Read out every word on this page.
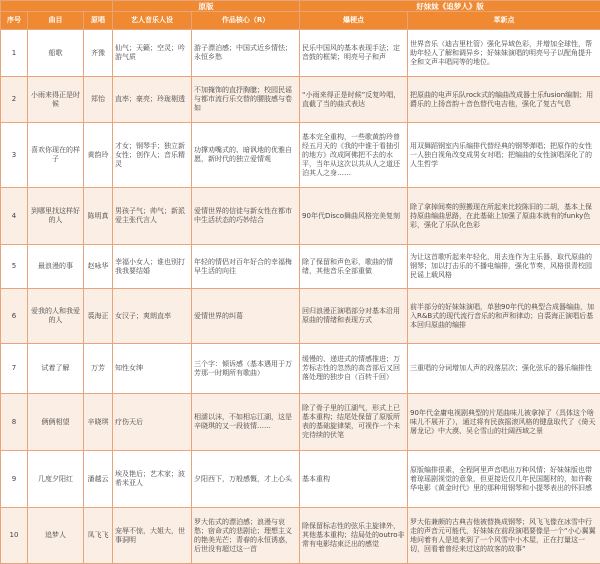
			原版		好妹妹《追梦人》版	
序号	曲目	原唱	艺人音乐人设	作品核心（R）	爆梗点	革新点
1	船歌	齐豫	仙气；天籁；空灵；吟游气质	游子漂泊感；中国式近乡情怯；永恒乡愁	民乐中国风的基本表现手法；定音鼓的框架；明亮号子和声	世界音乐（迪吉里杜管）强化异域色彩，并增加全球性，帮助年轻人了解和调异乡；好妹妹演唱的明亮号子以配角提升全和文声丰唱同等的地位。
2	小雨来得正是时候	郑怡	直率；豪亮；玲珑剔透	不加掩饰的直抒胸臆；校园民谣与都市流行乐交替的腰肢感与卷如	“小雨来得正是时候”反复吟唱，直截了当的曲式表达	把原曲的电声乐队rock式的编曲改成器士乐fusion编制；用爵乐的上扬音韵＋音色替代电吉他，强化了复古气息
3	喜欢你现在的样子	黄韵玲	才女；钢琴手；独立新女性；创作人；音乐精灵	功撑劝嘴式的、暗讽地的优雅自愿，新时代的独立爱情观	基本完全重构，一些歌黄韵玲曾经五月天的《我的中谁于看抽引的地方》改成阿佛把不去的水平，当年从这次以共从人之道还泊其人之身……	用双舞蹈钢室内乐编排代替经典的钢琴弹唱；把原作的女性一人独白视角改变成男女对唱；把编曲的女性演唱深化了的人生哲学
4	到哪里找这样好的人	陈明真	男孩子气；帅气；新派爱主张代言人	爱情世界的信徒与新女性在都市中生活状态的巧妙结合	90年代Disco舞曲风格完美复刻	除了拿掉间奏的照搬现在所起来比较陈旧的二胡，基本上保持原曲编曲思路，在此基础上加强了原曲本就有的funky色彩，强化了乐队化色彩
5	最浪漫的事	赵咏华	幸福小女人；谁也别打我我要结婚	年轻的情侣对百年好合的幸福梅早生活的向往	除了保留和声色彩，歌曲的情绪，其他音乐全部重做	为让这首歌听起来年轻化，用去连作为主乐器，取代原曲的钢琴；加以打击乐的不播电编排，强化节奏，风格很青校园民谣上载风格
6	爱我的人和我爱的人	裘海正	女汉子；爽朗直率	爱情世界的纠葛	回归浪漫正演唱部分对基本沿用原曲的情绪和表现方式	前半部分的好妹妹演唱，单独90年代的典型合成器编曲，加入R&B式的现代流行音乐的和声和律动；自裘海正演唱后基本回归原曲的编排
7	试着了解	万芳	知性女绅	三个字：倾诉感（基本遇用于万芳那一时期所有歌曲）	缓慢的、递进式的情感推进；万芳标志性的忽然的高音部后又回落处理的独步自（百转千回）	三重唱的分词增加人声的段落层次；强化弦乐的器乐编排性
8	俩俩相望	辛晓琪	疗伤天后	相濡以沫，不如相忘江湖，这是辛晓琪的又一段彼情……	除了骨子里的江湖气，形式上已基本重构；结尾处保留了原版所表的基础旋律架，可视作一个未完待续的伏笔	90年代金庸电视剧典型的片尾曲味儿被拿掉了（具体这个啥味儿不展开了），通过将有民族摇滚风格的键盘取代了《倚天屠龙记》中大漠、吴仑雪山的壮阔西域之景
9	几度夕阳红	潘越云	埃及艳后；艺术家；波希米亚人	夕阳西下，万般感慨，才上心头	基本重构	原版编排很素，全程阿里声音唱出万种风情；好妹妹版也带着琼瑶剧视觉的意象，但更接近仅几年民国题材的，如许鞍华电影《黄金时代》里的那种用钢琴和小提琴表出的怀旧感
10	追梦人	凤飞飞	宠辱不惊，大姐大，世事洞明	罗大佑式的漂泊感；浪漫与哀愁；宿命式的悲剧论；理想主义的艳美光芒；青春的永恒诱惑，后世没有超过这一首	除保留标志性的弦乐主旋律外，其他基本重构；结局处的outro非常有电影结束泛出的感觉	罗大佑兼颇的古典吉他被替换成钢琴；风飞飞像在冰雪中行走的声音元可能代，好妹妹在前段演唱要像是一个“小心翼翼地问着有人是追来到了一个风雪中小木屋，正在打量这一切，回看着曾经来过这的故客的故事”
